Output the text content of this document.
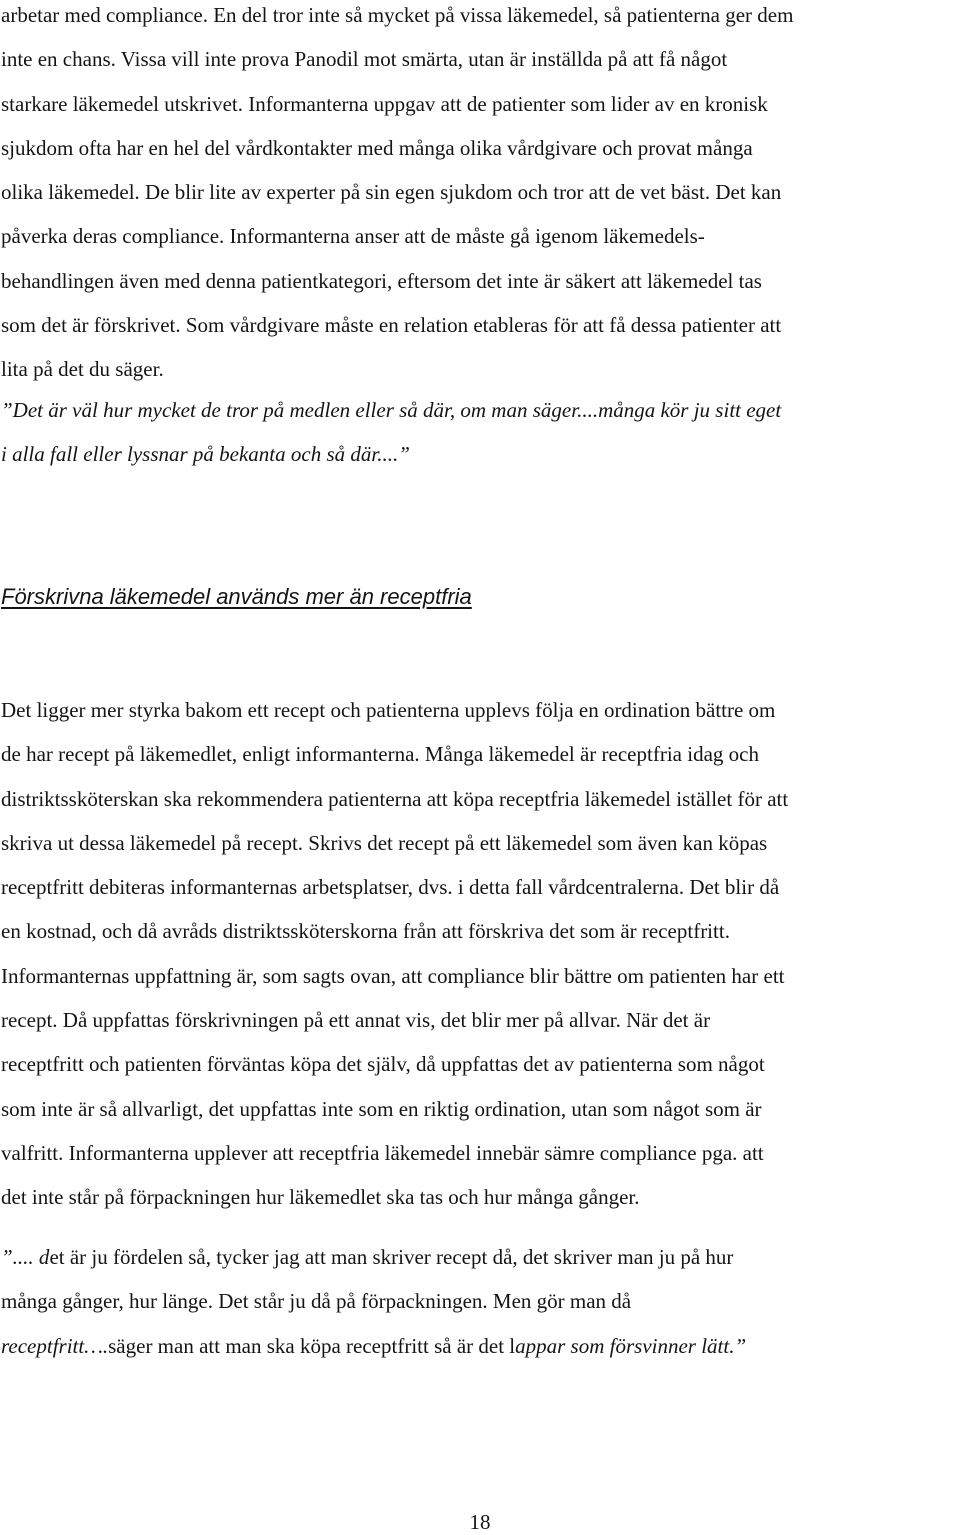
arbetar med compliance. En del tror inte så mycket på vissa läkemedel, så patienterna ger dem
inte en chans. Vissa vill inte prova Panodil mot smärta, utan är inställda på att få något
starkare läkemedel utskrivet. Informanterna uppgav att de patienter som lider av en kronisk
sjukdom ofta har en hel del vårdkontakter med många olika vårdgivare och provat många
olika läkemedel. De blir lite av experter på sin egen sjukdom och tror att de vet bäst. Det kan
påverka deras compliance. Informanterna anser att de måste gå igenom läkemedels-
behandlingen även med denna patientkategori, eftersom det inte är säkert att läkemedel tas
som det är förskrivet. Som vårdgivare måste en relation etableras för att få dessa patienter att
lita på det du säger.

”Det är väl hur mycket de tror på medlen eller så där, om man säger....många kör ju sitt eget
i alla fall eller lyssnar på bekanta och så där....”

Förskrivna läkemedel används mer än receptfria

Det ligger mer styrka bakom ett recept och patienterna upplevs följa en ordination bättre om
de har recept på läkemedlet, enligt informanterna. Många läkemedel är receptfria idag och
distriktssköterskan ska rekommendera patienterna att köpa receptfria läkemedel istället för att
skriva ut dessa läkemedel på recept. Skrivs det recept på ett läkemedel som även kan köpas
receptfritt debiteras informanternas arbetsplatser, dvs. i detta fall vårdcentralerna. Det blir då
en kostnad, och då avråds distriktssköterskorna från att förskriva det som är receptfritt.
Informanternas uppfattning är, som sagts ovan, att compliance blir bättre om patienten har ett
recept. Då uppfattas förskrivningen på ett annat vis, det blir mer på allvar. När det är
receptfritt och patienten förväntas köpa det själv, då uppfattas det av patienterna som något
som inte är så allvarligt, det uppfattas inte som en riktig ordination, utan som något som är
valfritt. Informanterna upplever att receptfria läkemedel innebär sämre compliance pga. att
det inte står på förpackningen hur läkemedlet ska tas och hur många gånger.

”.... det är ju fördelen så, tycker jag att man skriver recept då, det skriver man ju på hur
många gånger, hur länge. Det står ju då på förpackningen. Men gör man då
receptfritt….säger man att man ska köpa receptfritt så är det lappar som försvinner lätt.”

18
